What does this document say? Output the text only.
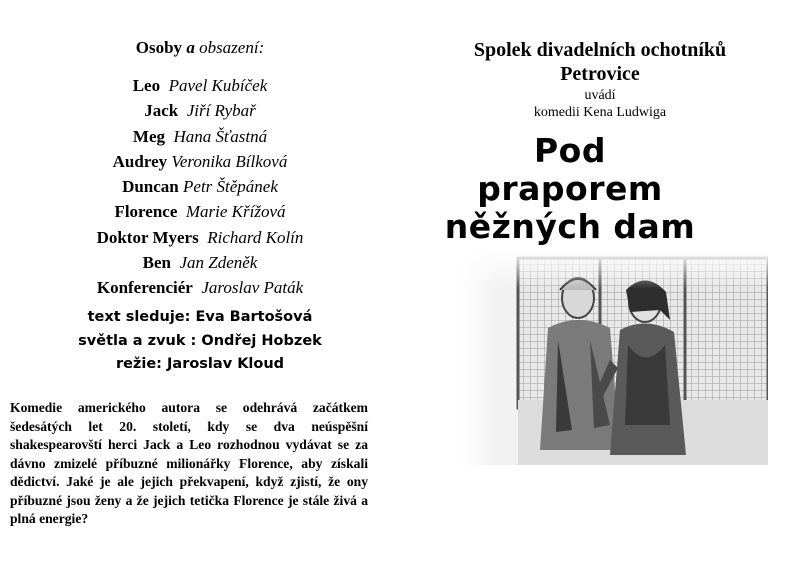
Osoby a obsazení:
Leo Pavel Kubíček
Jack Jiří Rybař
Meg Hana Šťastná
Audrey Veronika Bílková
Duncan Petr Štěpánek
Florence Marie Křížová
Doktor Myers Richard Kolín
Ben Jan Zdeněk
Konferenciér Jaroslav Paták
text sleduje: Eva Bartošová
světla a zvuk : Ondřej Hobzek
režie: Jaroslav Kloud
Komedie amerického autora se odehrává začátkem šedesátých let 20. století, kdy se dva neúspěšní shakespearovští herci Jack a Leo rozhodnou vydávat se za dávno zmizelé příbuzné milionářky Florence, aby získali dědictví. Jaké je ale jejich překvapení, když zjistí, že ony příbuzné jsou ženy a že jejich tetička Florence je stále živá a plná energie?
Spolek divadelních ochotníků
Petrovice
uvádí
komedii Kena Ludwiga
Pod
praporem
něžných dam
